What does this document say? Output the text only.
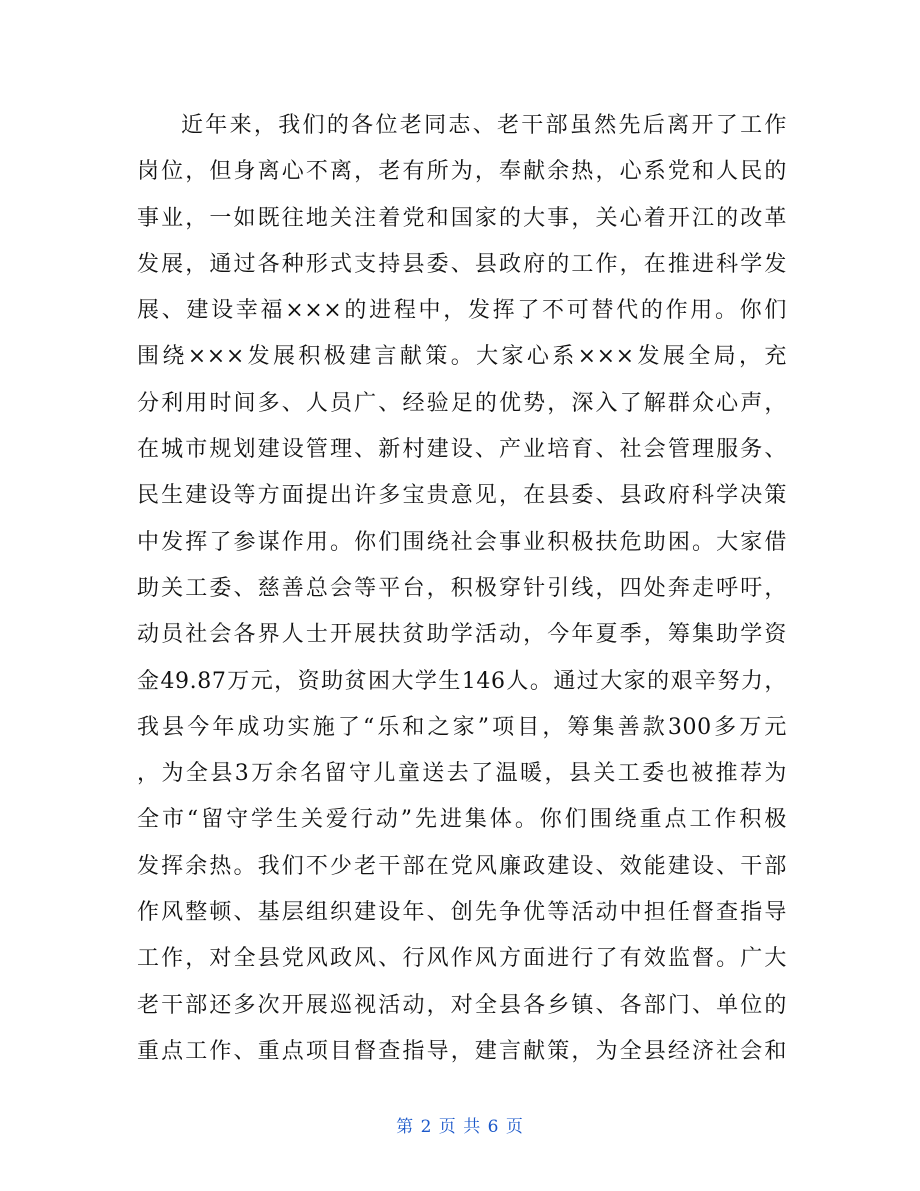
近年来，我们的各位老同志、老干部虽然先后离开了工作
岗位，但身离心不离，老有所为，奉献余热，心系党和人民的
事业，一如既往地关注着党和国家的大事，关心着开江的改革
发展，通过各种形式支持县委、县政府的工作，在推进科学发
展、建设幸福×××的进程中，发挥了不可替代的作用。你们
围绕×××发展积极建言献策。大家心系×××发展全局，充
分利用时间多、人员广、经验足的优势，深入了解群众心声，
在城市规划建设管理、新村建设、产业培育、社会管理服务、
民生建设等方面提出许多宝贵意见，在县委、县政府科学决策
中发挥了参谋作用。你们围绕社会事业积极扶危助困。大家借
助关工委、慈善总会等平台，积极穿针引线，四处奔走呼吁，
动员社会各界人士开展扶贫助学活动，今年夏季，筹集助学资
金49.87万元，资助贫困大学生146人。通过大家的艰辛努力，
我县今年成功实施了“乐和之家”项目，筹集善款300多万元
，为全县3万余名留守儿童送去了温暖，县关工委也被推荐为
全市“留守学生关爱行动”先进集体。你们围绕重点工作积极
发挥余热。我们不少老干部在党风廉政建设、效能建设、干部
作风整顿、基层组织建设年、创先争优等活动中担任督查指导
工作，对全县党风政风、行风作风方面进行了有效监督。广大
老干部还多次开展巡视活动，对全县各乡镇、各部门、单位的
重点工作、重点项目督查指导，建言献策，为全县经济社会和
第 2 页 共 6 页
